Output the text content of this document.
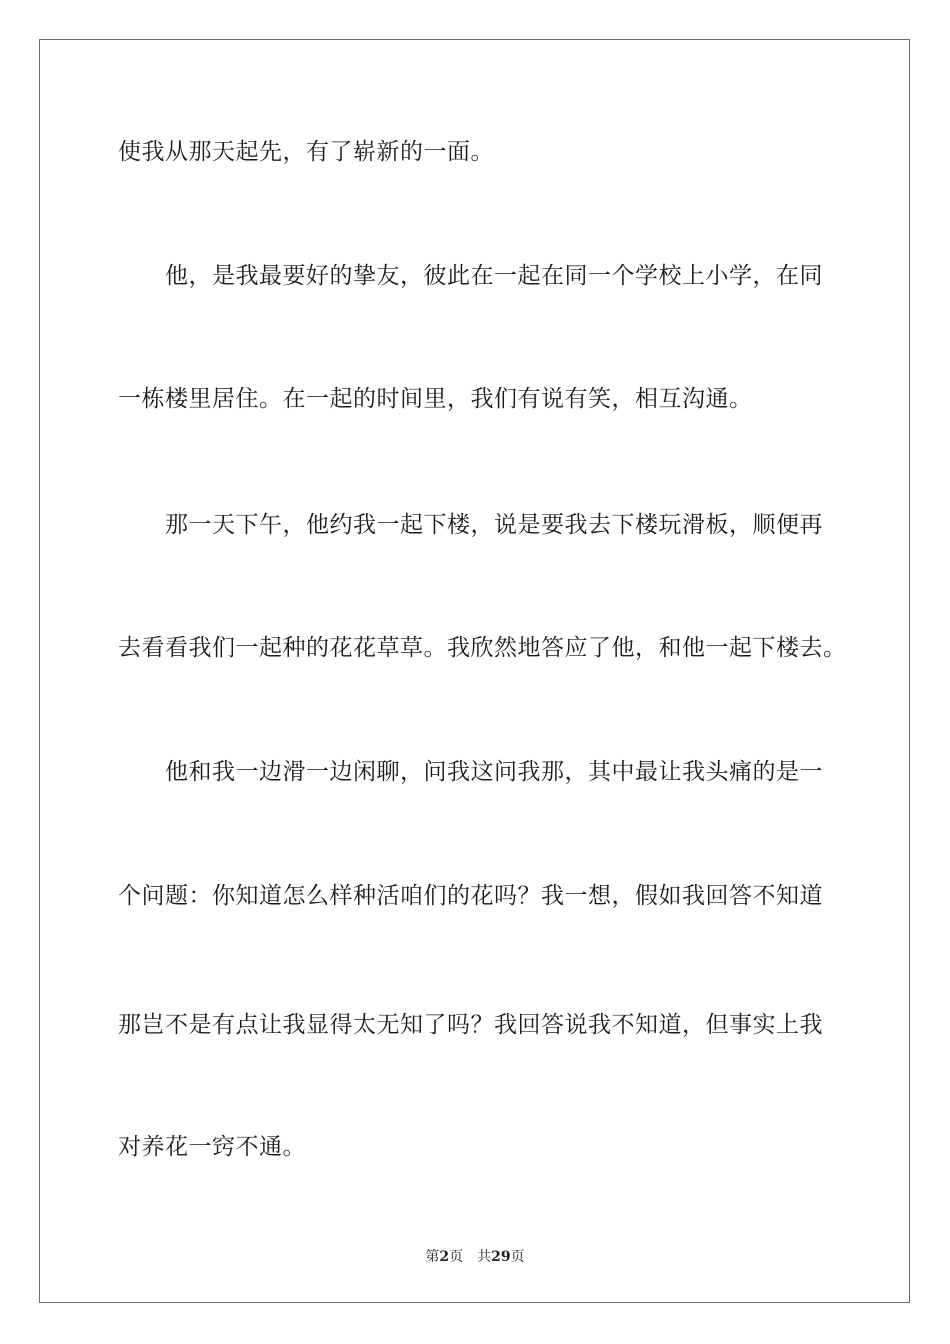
使我从那天起先，有了崭新的一面。
他，是我最要好的挚友，彼此在一起在同一个学校上小学，在同
一栋楼里居住。在一起的时间里，我们有说有笑，相互沟通。
那一天下午，他约我一起下楼，说是要我去下楼玩滑板，顺便再
去看看我们一起种的花花草草。我欣然地答应了他，和他一起下楼去。
他和我一边滑一边闲聊，问我这问我那，其中最让我头痛的是一
个问题：你知道怎么样种活咱们的花吗？我一想，假如我回答不知道
那岂不是有点让我显得太无知了吗？我回答说我不知道，但事实上我
对养花一窍不通。
第2页 共29页
